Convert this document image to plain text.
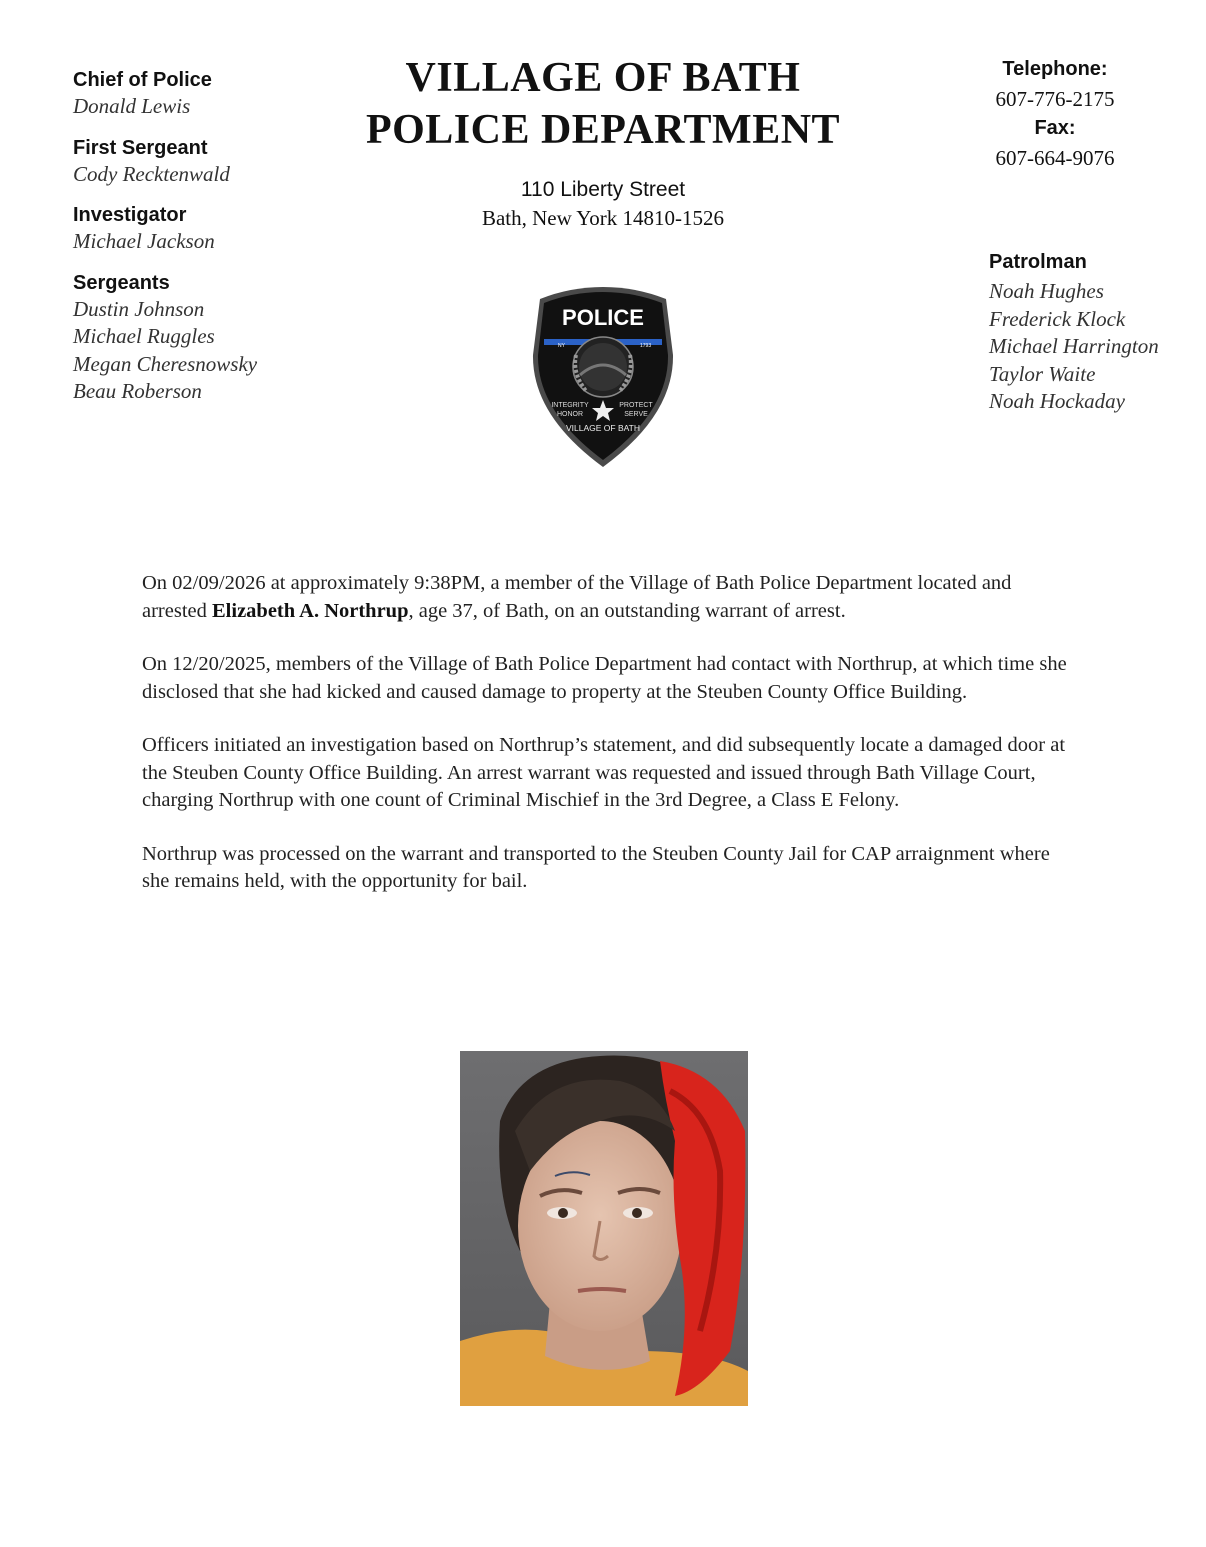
Chief of Police
Donald Lewis
First Sergeant
Cody Recktenwald
Investigator
Michael Jackson
Sergeants
Dustin Johnson
Michael Ruggles
Megan Cheresnowsky
Beau Roberson
VILLAGE OF BATH
POLICE DEPARTMENT
110 Liberty Street
Bath, New York 14810-1526
Telephone:
607-776-2175
Fax:
607-664-9076
Patrolman
Noah Hughes
Frederick Klock
Michael Harrington
Taylor Waite
Noah Hockaday
POLICE
NY	1793
INTEGRITY
HONOR
PROTECT
SERVE
VILLAGE OF BATH

On 02/09/2026 at approximately 9:38PM, a member of the Village of Bath Police Department located and arrested Elizabeth A. Northrup, age 37, of Bath, on an outstanding warrant of arrest.

On 12/20/2025, members of the Village of Bath Police Department had contact with Northrup, at which time she disclosed that she had kicked and caused damage to property at the Steuben County Office Building.

Officers initiated an investigation based on Northrup’s statement, and did subsequently locate a damaged door at the Steuben County Office Building. An arrest warrant was requested and issued through Bath Village Court, charging Northrup with one count of Criminal Mischief in the 3rd Degree, a Class E Felony.

Northrup was processed on the warrant and transported to the Steuben County Jail for CAP arraignment where she remains held, with the opportunity for bail.
